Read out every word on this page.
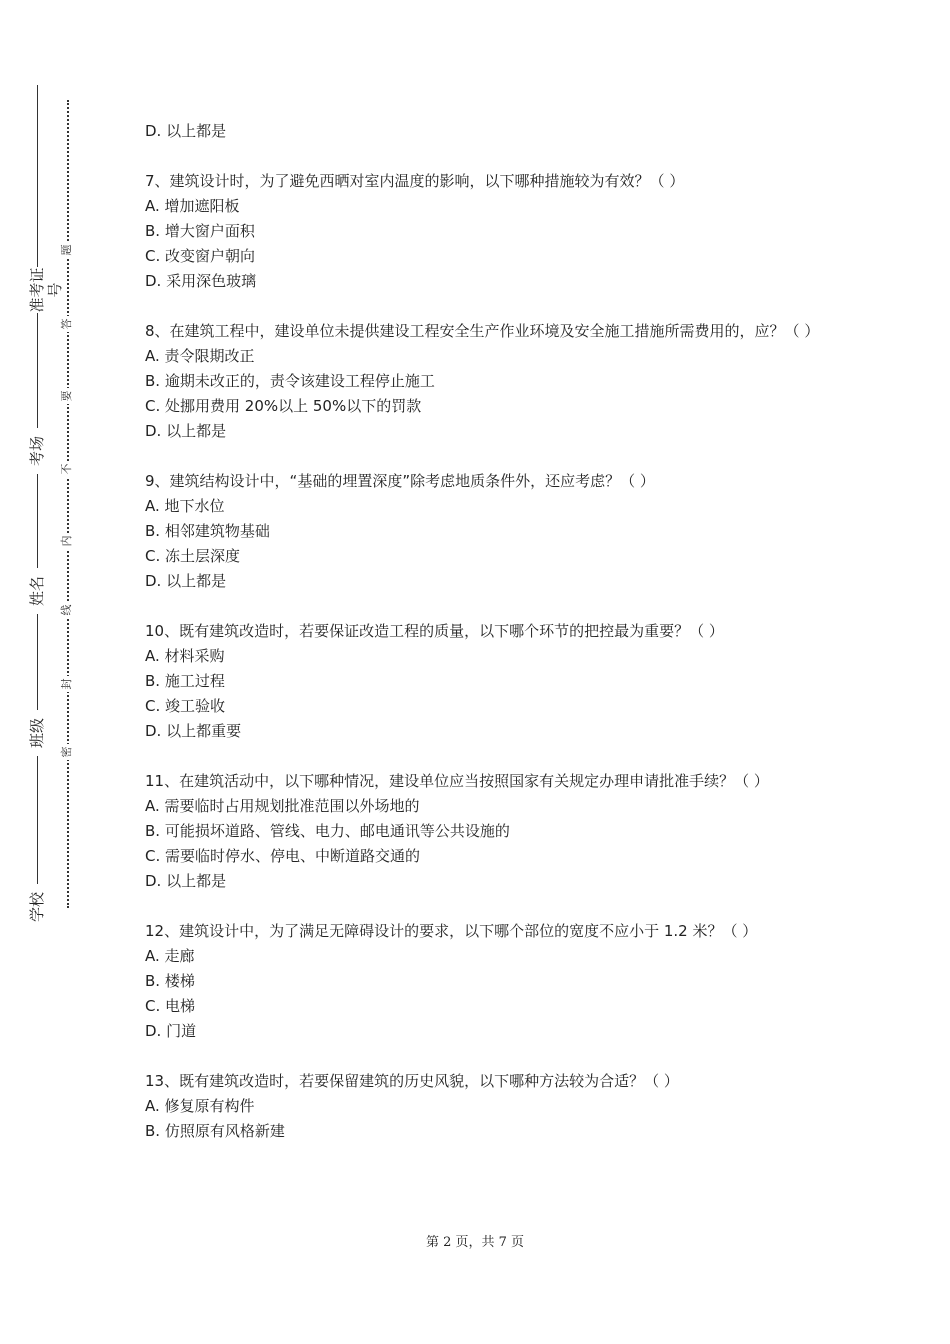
准考证号
考场
姓名
班级
学校
题
答
要
不
内
线
封
密
D. 以上都是
7、建筑设计时，为了避免西晒对室内温度的影响，以下哪种措施较为有效？（ ）
A. 增加遮阳板
B. 增大窗户面积
C. 改变窗户朝向
D. 采用深色玻璃
8、在建筑工程中，建设单位未提供建设工程安全生产作业环境及安全施工措施所需费用的，应？（ ）
A. 责令限期改正
B. 逾期未改正的，责令该建设工程停止施工
C. 处挪用费用 20%以上 50%以下的罚款
D. 以上都是
9、建筑结构设计中，“基础的埋置深度”除考虑地质条件外，还应考虑？（ ）
A. 地下水位
B. 相邻建筑物基础
C. 冻土层深度
D. 以上都是
10、既有建筑改造时，若要保证改造工程的质量，以下哪个环节的把控最为重要？（ ）
A. 材料采购
B. 施工过程
C. 竣工验收
D. 以上都重要
11、在建筑活动中，以下哪种情况，建设单位应当按照国家有关规定办理申请批准手续？（ ）
A. 需要临时占用规划批准范围以外场地的
B. 可能损坏道路、管线、电力、邮电通讯等公共设施的
C. 需要临时停水、停电、中断道路交通的
D. 以上都是
12、建筑设计中，为了满足无障碍设计的要求，以下哪个部位的宽度不应小于 1.2 米？（ ）
A. 走廊
B. 楼梯
C. 电梯
D. 门道
13、既有建筑改造时，若要保留建筑的历史风貌，以下哪种方法较为合适？（ ）
A. 修复原有构件
B. 仿照原有风格新建
第 2 页，共 7 页
